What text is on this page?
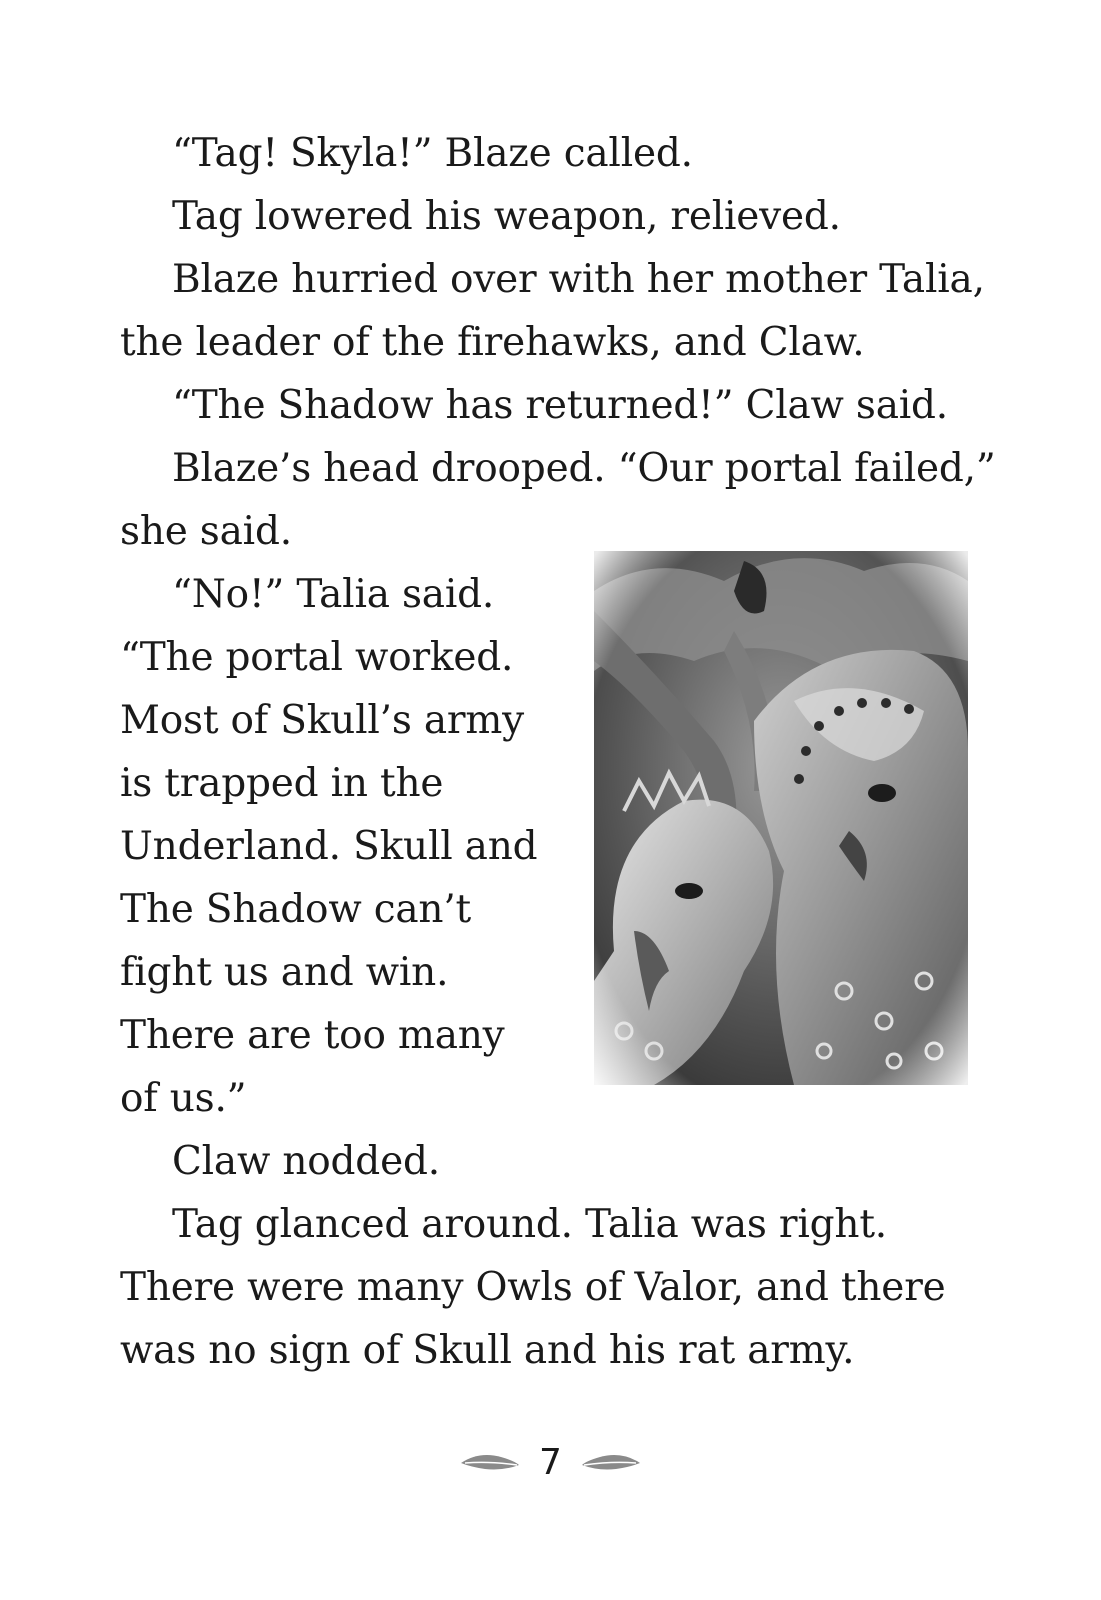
“Tag! Skyla!” Blaze called.
Tag lowered his weapon, relieved.
Blaze hurried over with her mother Talia,
the leader of the firehawks, and Claw.
“The Shadow has returned!” Claw said.
Blaze’s head drooped. “Our portal failed,”
she said.
“No!” Talia said.
“The portal worked.
Most of Skull’s army
is trapped in the
Underland. Skull and
The Shadow can’t
fight us and win.
There are too many
of us.”
Claw nodded.
Tag glanced around. Talia was right.
There were many Owls of Valor, and there
was no sign of Skull and his rat army.
7
